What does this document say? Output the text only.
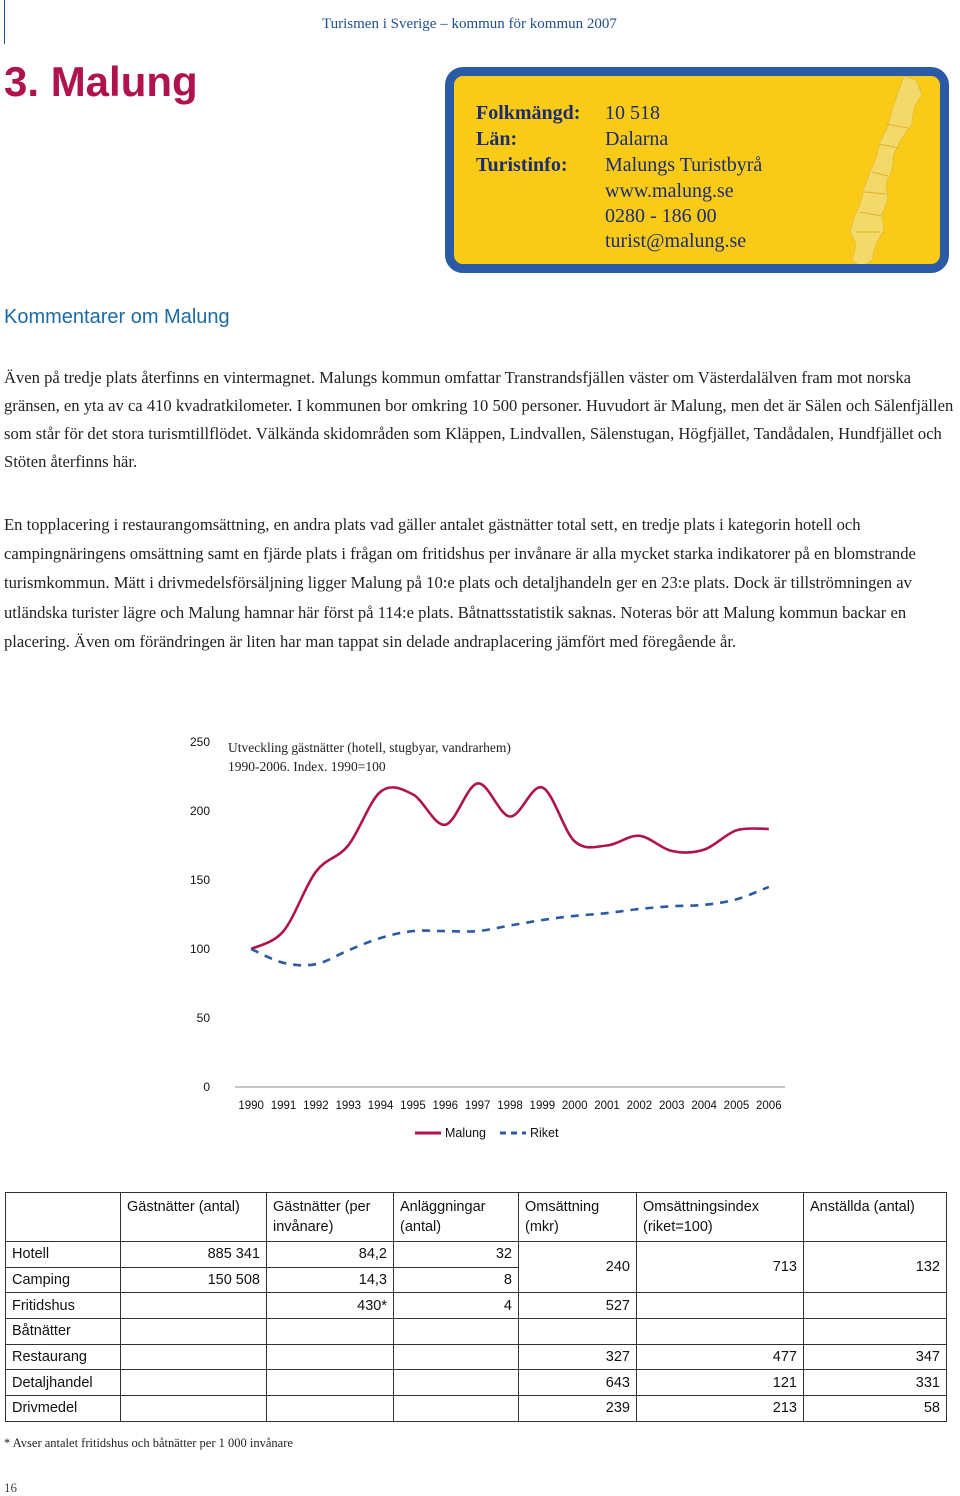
Turismen i Sverige – kommun för kommun 2007
3. Malung
Folkmängd: 10 518
Län:	Dalarna
Turistinfo: Malungs Turistbyrå
www.malung.se
0280 - 186 00
turist@malung.se
Kommentarer om Malung

Även på tredje plats återfinns en vintermagnet. Malungs kommun omfattar Transtrandsfjällen väster om Västerdalälven fram mot norska gränsen, en yta av ca 410 kvadratkilometer. I kommunen bor omkring 10 500 personer. Huvudort är Malung, men det är Sälen och Sälenfjällen som står för det stora turismtillflödet. Välkända skidområden som Kläppen, Lindvallen, Sälenstugan, Högfjället, Tandådalen, Hundfjället och Stöten återfinns här.

En topplacering i restaurangomsättning, en andra plats vad gäller antalet gästnätter total sett, en tredje plats i kategorin hotell och campingnäringens omsättning samt en fjärde plats i frågan om fritidshus per invånare är alla mycket starka indikatorer på en blomstrande turismkommun. Mätt i drivmedelsförsäljning ligger Malung på 10:e plats och detaljhandeln ger en 23:e plats. Dock är tillströmningen av utländska turister lägre och Malung hamnar här först på 114:e plats. Båtnattsstatistik saknas. Noteras bör att Malung kommun backar en placering. Även om förändringen är liten har man tappat sin delade andraplacering jämfört med föregående år.

0
50
100
150
200
250
1990 1991 1992 1993 1994 1995 1996 1997 1998 1999 2000 2001 2002 2003 2004 2005 2006
Utveckling gästnätter (hotell, stugbyar, vandrarhem)
1990-2006. Index. 1990=100
Malung	Riket
	Gästnätter (antal)	Gästnätter (per invånare)	Anläggningar (antal)	Omsättning (mkr)	Omsättningsindex (riket=100)	Anställda (antal)
Hotell	885 341	84,2	32	240	713	132
Camping	150 508	14,3	8			
Fritidshus		430*	4	527		
Båtnätter						
Restaurang				327	477	347
Detaljhandel				643	121	331
Drivmedel				239	213	58
* Avser antalet fritidshus och båtnätter per 1 000 invånare
16
